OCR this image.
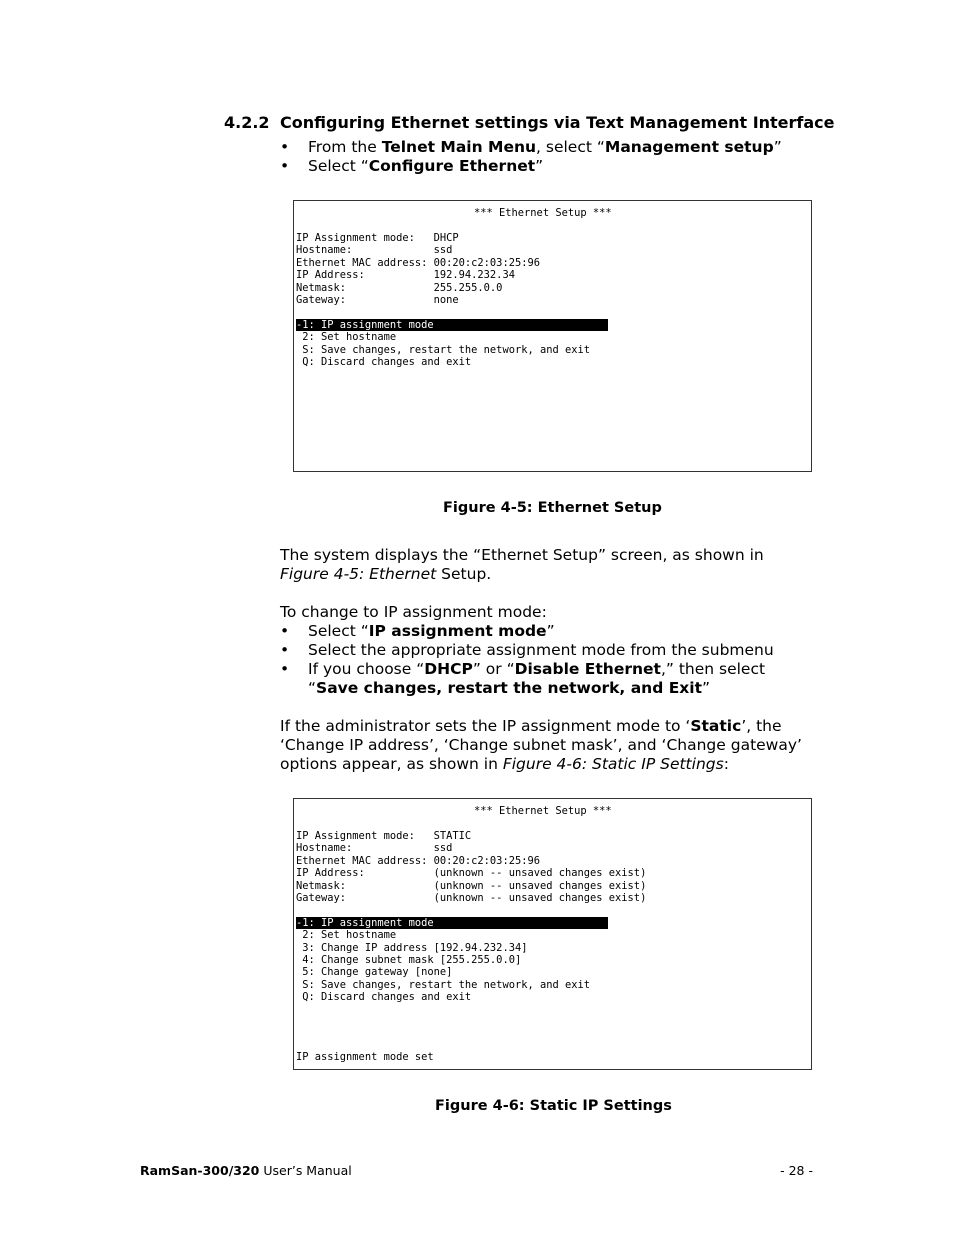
4.2.2 Configuring Ethernet settings via Text Management Interface
• From the Telnet Main Menu, select “Management setup”
• Select “Configure Ethernet”
*** Ethernet Setup ***
IP Assignment mode:   DHCP
Hostname:             ssd
Ethernet MAC address: 00:20:c2:03:25:96
IP Address:           192.94.232.34
Netmask:              255.255.0.0
Gateway:              none
-1: IP assignment mode
2: Set hostname
S: Save changes, restart the network, and exit
Q: Discard changes and exit
Figure 4-5: Ethernet Setup
The system displays the “Ethernet Setup” screen, as shown in
Figure 4-5: Ethernet Setup.
To change to IP assignment mode:
• Select “IP assignment mode”
• Select the appropriate assignment mode from the submenu
• If you choose “DHCP” or “Disable Ethernet,” then select
“Save changes, restart the network, and Exit”
If the administrator sets the IP assignment mode to ‘Static’, the
‘Change IP address’, ‘Change subnet mask’, and ‘Change gateway’
options appear, as shown in Figure 4-6: Static IP Settings:
*** Ethernet Setup ***
IP Assignment mode:   STATIC
Hostname:             ssd
Ethernet MAC address: 00:20:c2:03:25:96
IP Address:           (unknown -- unsaved changes exist)
Netmask:              (unknown -- unsaved changes exist)
Gateway:              (unknown -- unsaved changes exist)
-1: IP assignment mode
2: Set hostname
3: Change IP address [192.94.232.34]
4: Change subnet mask [255.255.0.0]
5: Change gateway [none]
S: Save changes, restart the network, and exit
Q: Discard changes and exit
IP assignment mode set
Figure 4-6: Static IP Settings
RamSan-300/320 User’s Manual	- 28 -
